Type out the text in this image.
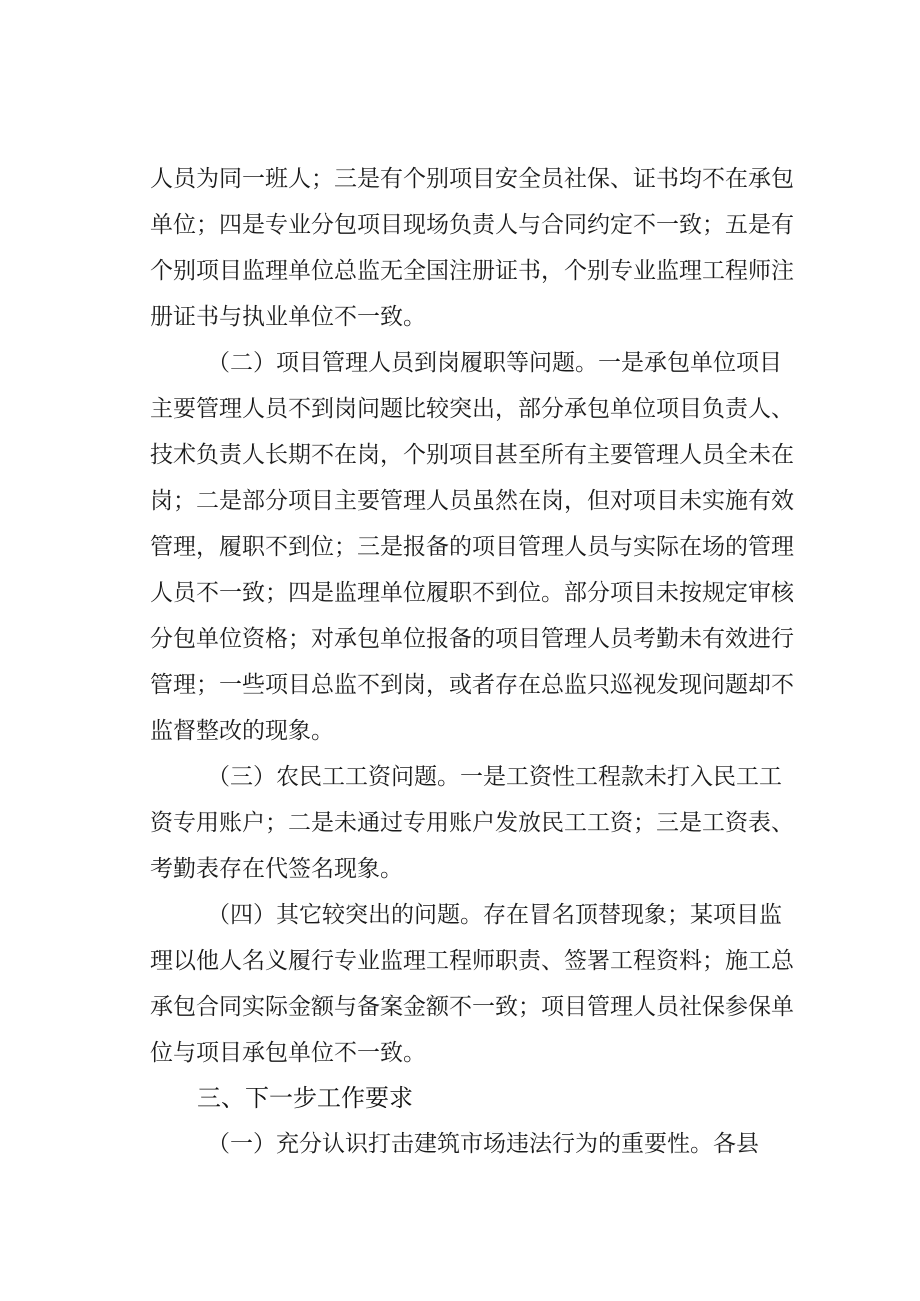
人员为同一班人；三是有个别项目安全员社保、证书均不在承包
单位；四是专业分包项目现场负责人与合同约定不一致；五是有
个别项目监理单位总监无全国注册证书，个别专业监理工程师注
册证书与执业单位不一致。
（二）项目管理人员到岗履职等问题。一是承包单位项目
主要管理人员不到岗问题比较突出，部分承包单位项目负责人、
技术负责人长期不在岗，个别项目甚至所有主要管理人员全未在
岗；二是部分项目主要管理人员虽然在岗，但对项目未实施有效
管理，履职不到位；三是报备的项目管理人员与实际在场的管理
人员不一致；四是监理单位履职不到位。部分项目未按规定审核
分包单位资格；对承包单位报备的项目管理人员考勤未有效进行
管理；一些项目总监不到岗，或者存在总监只巡视发现问题却不
监督整改的现象。
（三）农民工工资问题。一是工资性工程款未打入民工工
资专用账户；二是未通过专用账户发放民工工资；三是工资表、
考勤表存在代签名现象。
（四）其它较突出的问题。存在冒名顶替现象；某项目监
理以他人名义履行专业监理工程师职责、签署工程资料；施工总
承包合同实际金额与备案金额不一致；项目管理人员社保参保单
位与项目承包单位不一致。
三、下一步工作要求
（一）充分认识打击建筑市场违法行为的重要性。各县
